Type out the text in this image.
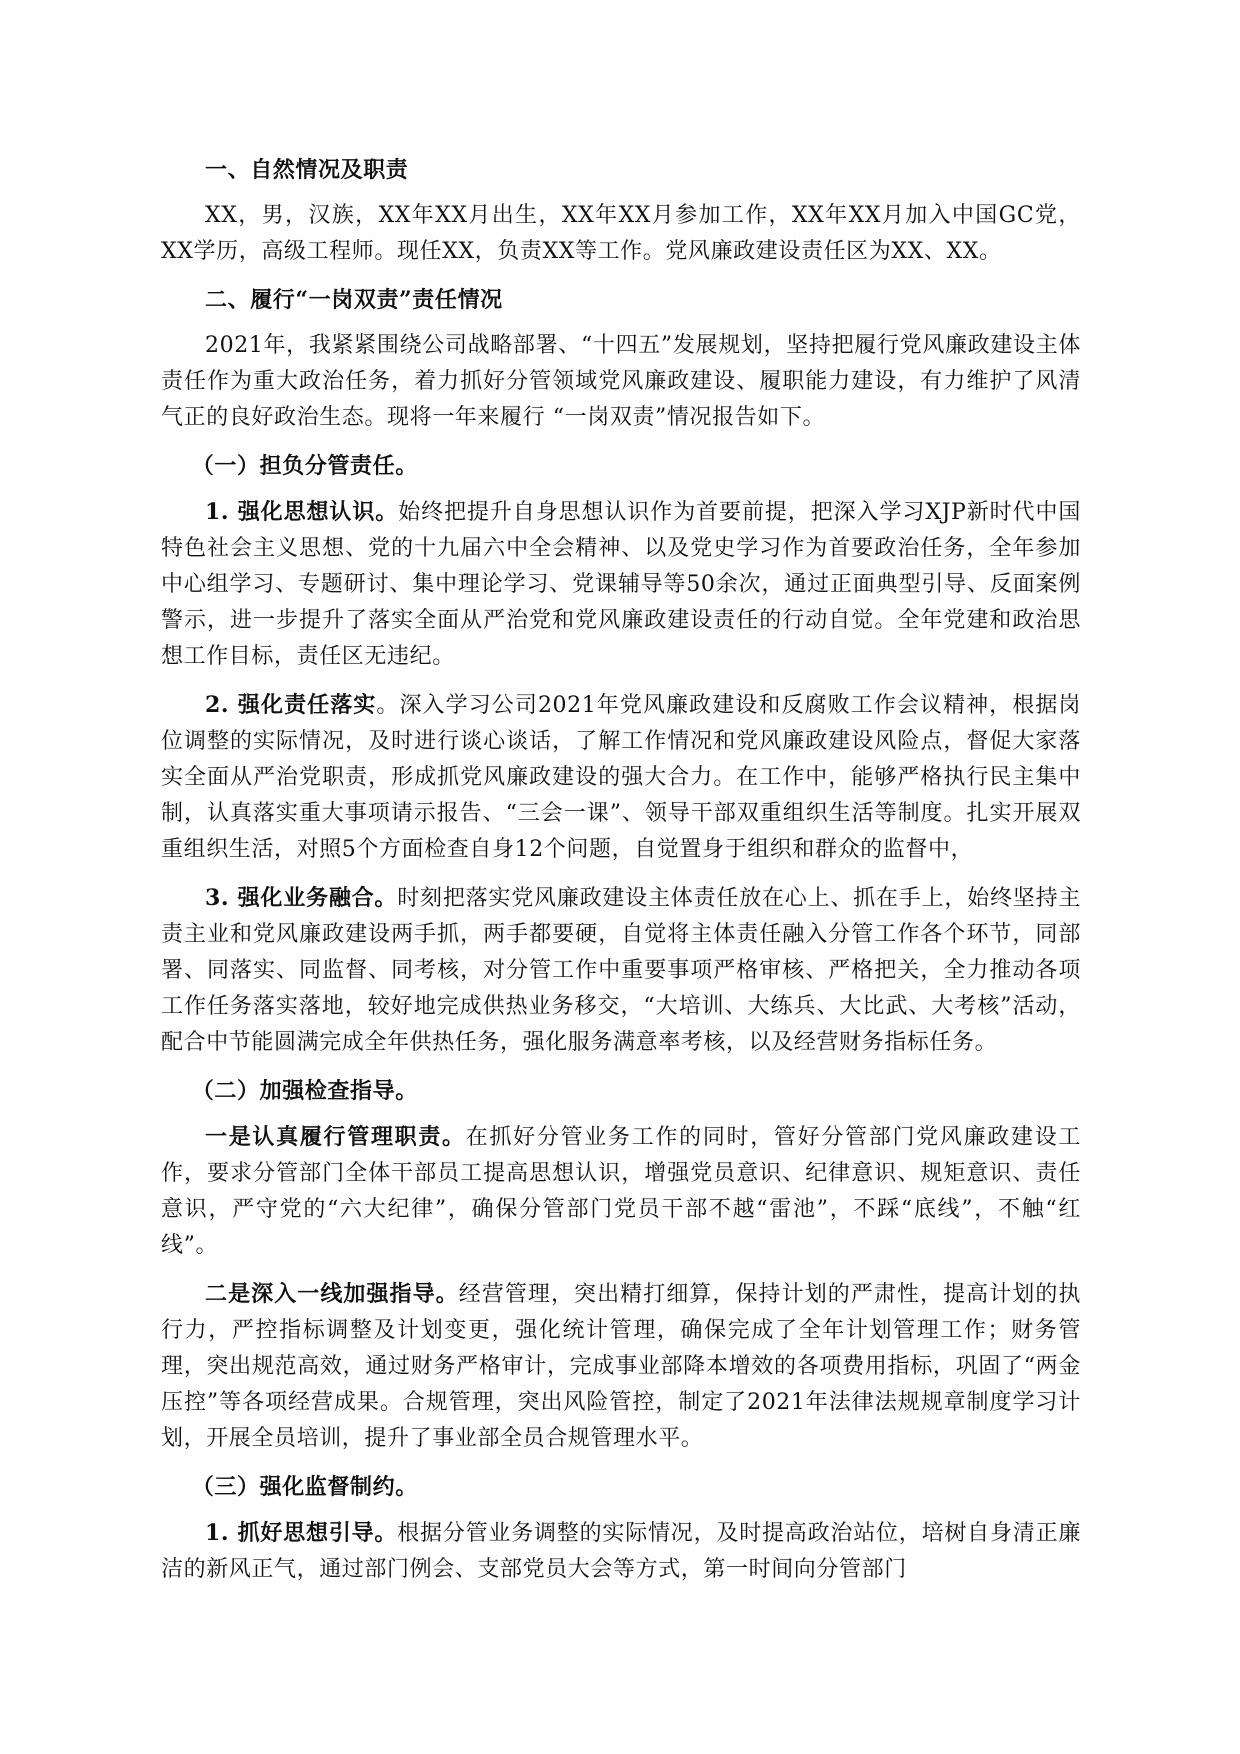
一、自然情况及职责

XX，男，汉族，XX年XX月出生，XX年XX月参加工作，XX年XX月加入中国GC党，XX学历，高级工程师。现任XX，负责XX等工作。党风廉政建设责任区为XX、XX。

二、履行“一岗双责”责任情况

2021年，我紧紧围绕公司战略部署、“十四五”发展规划，坚持把履行党风廉政建设主体责任作为重大政治任务，着力抓好分管领域党风廉政建设、履职能力建设，有力维护了风清气正的良好政治生态。现将一年来履行 “一岗双责”情况报告如下。

（一）担负分管责任。

1. 强化思想认识。始终把提升自身思想认识作为首要前提，把深入学习XJP新时代中国特色社会主义思想、党的十九届六中全会精神、以及党史学习作为首要政治任务，全年参加中心组学习、专题研讨、集中理论学习、党课辅导等50余次，通过正面典型引导、反面案例警示，进一步提升了落实全面从严治党和党风廉政建设责任的行动自觉。全年党建和政治思想工作目标，责任区无违纪。

2. 强化责任落实。深入学习公司2021年党风廉政建设和反腐败工作会议精神，根据岗位调整的实际情况，及时进行谈心谈话，了解工作情况和党风廉政建设风险点，督促大家落实全面从严治党职责，形成抓党风廉政建设的强大合力。在工作中，能够严格执行民主集中制，认真落实重大事项请示报告、“三会一课”、领导干部双重组织生活等制度。扎实开展双重组织生活，对照5个方面检查自身12个问题，自觉置身于组织和群众的监督中，

3. 强化业务融合。时刻把落实党风廉政建设主体责任放在心上、抓在手上，始终坚持主责主业和党风廉政建设两手抓，两手都要硬，自觉将主体责任融入分管工作各个环节，同部署、同落实、同监督、同考核，对分管工作中重要事项严格审核、严格把关，全力推动各项工作任务落实落地，较好地完成供热业务移交，“大培训、大练兵、大比武、大考核”活动，配合中节能圆满完成全年供热任务，强化服务满意率考核，以及经营财务指标任务。

（二）加强检查指导。

一是认真履行管理职责。在抓好分管业务工作的同时，管好分管部门党风廉政建设工作，要求分管部门全体干部员工提高思想认识，增强党员意识、纪律意识、规矩意识、责任意识，严守党的“六大纪律”，确保分管部门党员干部不越“雷池”，不踩“底线”，不触“红线”。

二是深入一线加强指导。经营管理，突出精打细算，保持计划的严肃性，提高计划的执行力，严控指标调整及计划变更，强化统计管理，确保完成了全年计划管理工作；财务管理，突出规范高效，通过财务严格审计，完成事业部降本增效的各项费用指标，巩固了“两金压控”等各项经营成果。合规管理，突出风险管控，制定了2021年法律法规规章制度学习计划，开展全员培训，提升了事业部全员合规管理水平。

（三）强化监督制约。

1. 抓好思想引导。根据分管业务调整的实际情况，及时提高政治站位，培树自身清正廉洁的新风正气，通过部门例会、支部党员大会等方式，第一时间向分管部门
